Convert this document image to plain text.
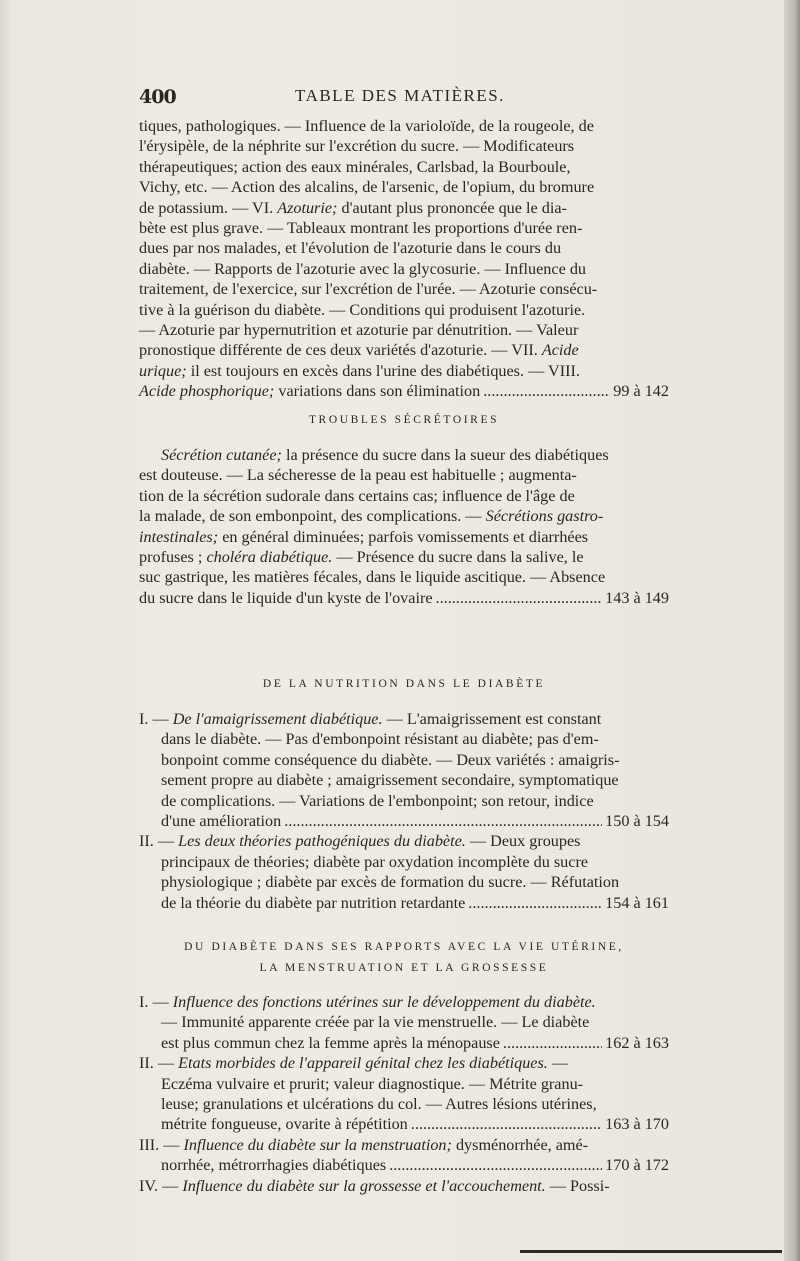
400	TABLE DES MATIÈRES.
tiques, pathologiques. — Influence de la varioloïde, de la rougeole, de
l'érysipèle, de la néphrite sur l'excrétion du sucre. — Modificateurs
thérapeutiques; action des eaux minérales, Carlsbad, la Bourboule,
Vichy, etc. — Action des alcalins, de l'arsenic, de l'opium, du bromure
de potassium. — VI. Azoturie; d'autant plus prononcée que le dia-
bète est plus grave. — Tableaux montrant les proportions d'urée ren-
dues par nos malades, et l'évolution de l'azoturie dans le cours du
diabète. — Rapports de l'azoturie avec la glycosurie. — Influence du
traitement, de l'exercice, sur l'excrétion de l'urée. — Azoturie consécu-
tive à la guérison du diabète. — Conditions qui produisent l'azoturie.
— Azoturie par hypernutrition et azoturie par dénutrition. — Valeur
pronostique différente de ces deux variétés d'azoturie. — VII. Acide
urique; il est toujours en excès dans l'urine des diabétiques. — VIII.
Acide phosphorique; variations dans son élimination .....	99 à 142
TROUBLES SÉCRÉTOIRES
Sécrétion cutanée; la présence du sucre dans la sueur des diabétiques
est douteuse. — La sécheresse de la peau est habituelle ; augmenta-
tion de la sécrétion sudorale dans certains cas; influence de l'âge de
la malade, de son embonpoint, des complications. — Sécrétions gastro-
intestinales; en général diminuées; parfois vomissements et diarrhées
profuses ; choléra diabétique. — Présence du sucre dans la salive, le
suc gastrique, les matières fécales, dans le liquide ascitique. — Absence
du sucre dans le liquide d'un kyste de l'ovaire .....	143 à 149
DE LA NUTRITION DANS LE DIABÈTE
I. — De l'amaigrissement diabétique. — L'amaigrissement est constant
dans le diabète. — Pas d'embonpoint résistant au diabète; pas d'em-
bonpoint comme conséquence du diabète. — Deux variétés : amaigris-
sement propre au diabète ; amaigrissement secondaire, symptomatique
de complications. — Variations de l'embonpoint; son retour, indice
d'une amélioration .....	150 à 154
II. — Les deux théories pathogéniques du diabète. — Deux groupes
principaux de théories; diabète par oxydation incomplète du sucre
physiologique ; diabète par excès de formation du sucre. — Réfutation
de la théorie du diabète par nutrition retardante .....	154 à 161
DU DIABÈTE DANS SES RAPPORTS AVEC LA VIE UTÉRINE,
LA MENSTRUATION ET LA GROSSESSE
I. — Influence des fonctions utérines sur le développement du diabète.
— Immunité apparente créée par la vie menstruelle. — Le diabète
est plus commun chez la femme après la ménopause .....	162 à 163
II. — Etats morbides de l'appareil génital chez les diabétiques. —
Eczéma vulvaire et prurit; valeur diagnostique. — Métrite granu-
leuse; granulations et ulcérations du col. — Autres lésions utérines,
métrite fongueuse, ovarite à répétition .....	163 à 170
III. — Influence du diabète sur la menstruation; dysménorrhée, amé-
norrhée, métrorrhagies diabétiques .....	170 à 172
IV. — Influence du diabète sur la grossesse et l'accouchement. — Possi-
